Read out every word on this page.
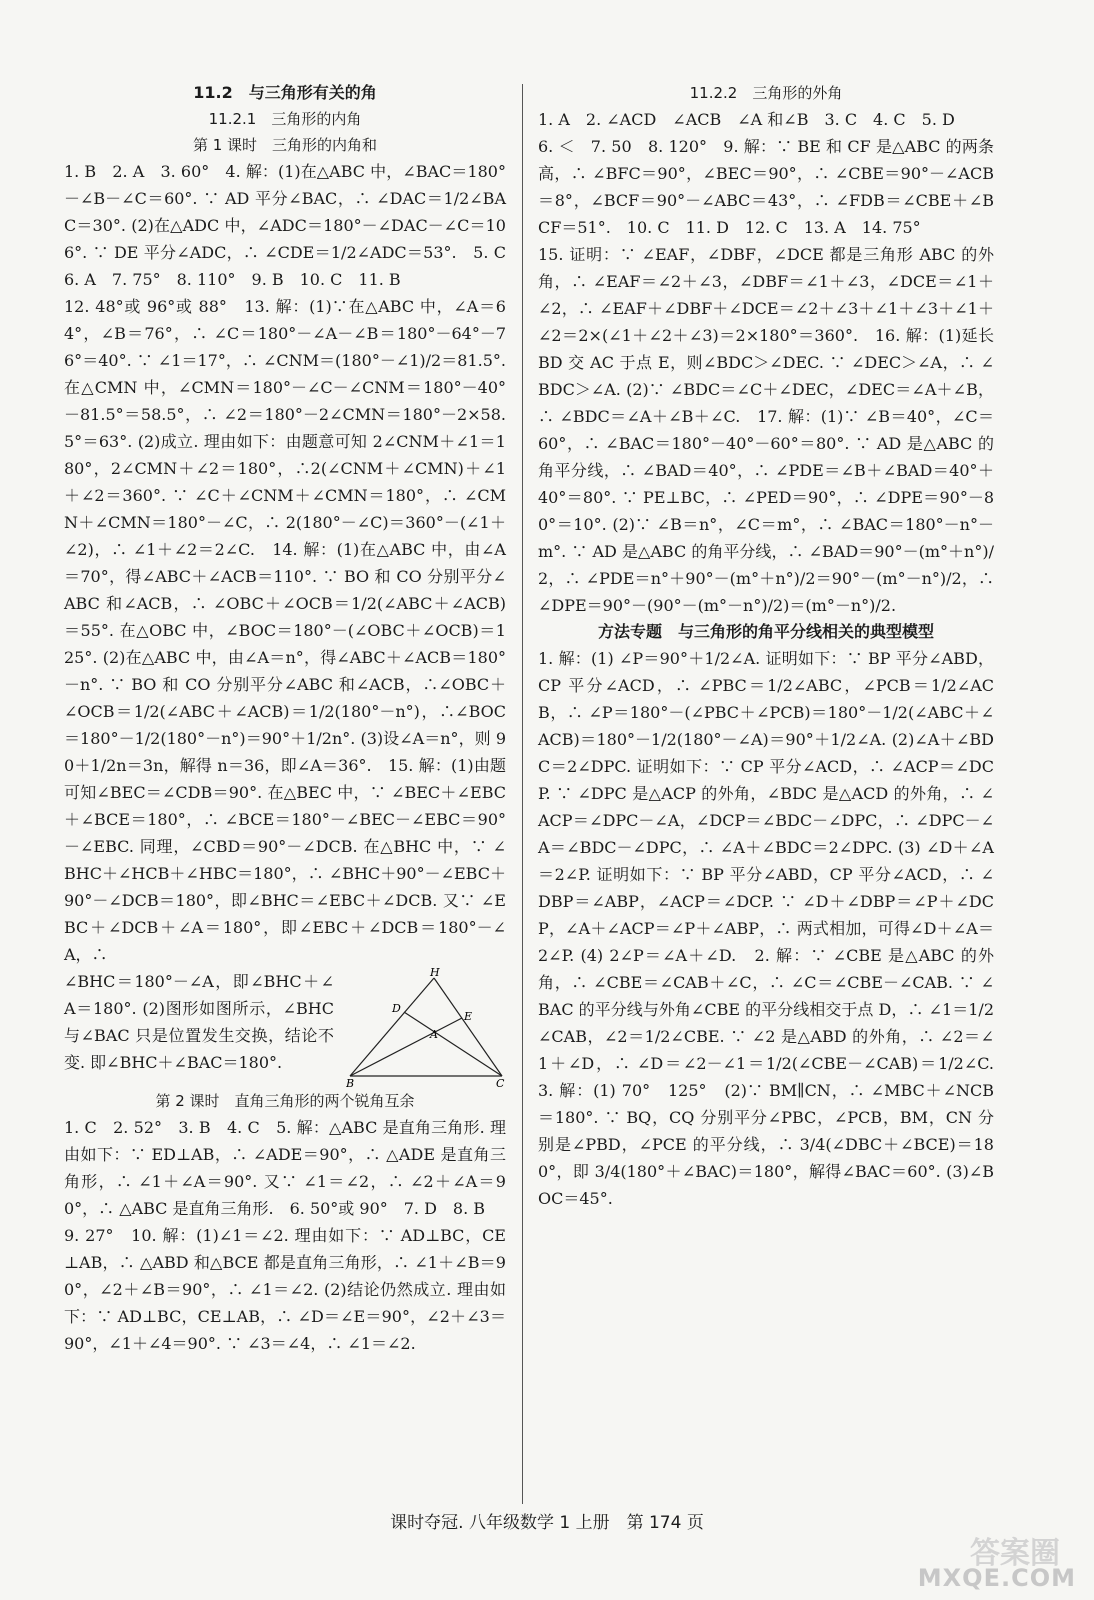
11.2　与三角形有关的角

11.2.1　三角形的内角

第 1 课时　三角形的内角和

1. B　2. A　3. 60°　4. 解：(1)在△ABC 中，∠BAC＝180°－∠B－∠C＝60°. ∵ AD 平分∠BAC，∴ ∠DAC＝1/2∠BAC＝30°. (2)在△ADC 中，∠ADC＝180°－∠DAC－∠C＝106°. ∵ DE 平分∠ADC，∴ ∠CDE＝1/2∠ADC＝53°.　5. C　6. A　7. 75°　8. 110°　9. B　10. C　11. B

12. 48°或 96°或 88°　13. 解：(1)∵在△ABC 中，∠A＝64°，∠B＝76°，∴ ∠C＝180°－∠A－∠B＝180°－64°－76°＝40°. ∵ ∠1＝17°，∴ ∠CNM＝(180°－∠1)/2＝81.5°. 在△CMN 中，∠CMN＝180°－∠C－∠CNM＝180°－40°－81.5°＝58.5°，∴ ∠2＝180°－2∠CMN＝180°－2×58.5°＝63°. (2)成立. 理由如下：由题意可知 2∠CNM＋∠1＝180°，2∠CMN＋∠2＝180°，∴2(∠CNM＋∠CMN)＋∠1＋∠2＝360°. ∵ ∠C＋∠CNM＋∠CMN＝180°，∴ ∠CMN＋∠CMN＝180°－∠C，∴ 2(180°－∠C)＝360°－(∠1＋∠2)，∴ ∠1＋∠2＝2∠C.　14. 解：(1)在△ABC 中，由∠A＝70°，得∠ABC＋∠ACB＝110°. ∵ BO 和 CO 分别平分∠ABC 和∠ACB，∴ ∠OBC＋∠OCB＝1/2(∠ABC＋∠ACB)＝55°. 在△OBC 中，∠BOC＝180°－(∠OBC＋∠OCB)＝125°. (2)在△ABC 中，由∠A＝n°，得∠ABC＋∠ACB＝180°－n°. ∵ BO 和 CO 分别平分∠ABC 和∠ACB，∴∠OBC＋∠OCB＝1/2(∠ABC＋∠ACB)＝1/2(180°－n°)，∴∠BOC＝180°－1/2(180°－n°)＝90°＋1/2n°. (3)设∠A＝n°，则 90＋1/2n＝3n，解得 n＝36，即∠A＝36°.　15. 解：(1)由题可知∠BEC＝∠CDB＝90°. 在△BEC 中，∵ ∠BEC＋∠EBC＋∠BCE＝180°，∴ ∠BCE＝180°－∠BEC－∠EBC＝90°－∠EBC. 同理，∠CBD＝90°－∠DCB. 在△BHC 中，∵ ∠BHC＋∠HCB＋∠HBC＝180°，∴ ∠BHC＋90°－∠EBC＋90°－∠DCB＝180°，即∠BHC＝∠EBC＋∠DCB. 又∵ ∠EBC＋∠DCB＋∠A＝180°，即∠EBC＋∠DCB＝180°－∠A，∴

∠BHC＝180°－∠A，即∠BHC＋∠A＝180°. (2)图形如图所示，∠BHC 与∠BAC 只是位置发生交换，结论不变. 即∠BHC＋∠BAC＝180°.

H
D
A
E
B	C

第 2 课时　直角三角形的两个锐角互余

1. C　2. 52°　3. B　4. C　5. 解：△ABC 是直角三角形. 理由如下：∵ ED⊥AB，∴ ∠ADE＝90°，∴ △ADE 是直角三角形，∴ ∠1＋∠A＝90°. 又∵ ∠1＝∠2，∴ ∠2＋∠A＝90°，∴ △ABC 是直角三角形.　6. 50°或 90°　7. D　8. B

9. 27°　10. 解：(1)∠1＝∠2. 理由如下：∵ AD⊥BC，CE⊥AB，∴ △ABD 和△BCE 都是直角三角形，∴ ∠1＋∠B＝90°，∠2＋∠B＝90°，∴ ∠1＝∠2. (2)结论仍然成立. 理由如下：∵ AD⊥BC，CE⊥AB，∴ ∠D＝∠E＝90°，∠2＋∠3＝90°，∠1＋∠4＝90°. ∵ ∠3＝∠4，∴ ∠1＝∠2.

11.2.2　三角形的外角

1. A　2. ∠ACD　∠ACB　∠A 和∠B　3. C　4. C　5. D

6. ＜　7. 50　8. 120°　9. 解：∵ BE 和 CF 是△ABC 的两条高，∴ ∠BFC＝90°，∠BEC＝90°，∴ ∠CBE＝90°－∠ACB＝8°，∠BCF＝90°－∠ABC＝43°，∴ ∠FDB＝∠CBE＋∠BCF＝51°.　10. C　11. D　12. C　13. A　14. 75°

15. 证明：∵ ∠EAF，∠DBF，∠DCE 都是三角形 ABC 的外角，∴ ∠EAF＝∠2＋∠3，∠DBF＝∠1＋∠3，∠DCE＝∠1＋∠2，∴ ∠EAF＋∠DBF＋∠DCE＝∠2＋∠3＋∠1＋∠3＋∠1＋∠2＝2×(∠1＋∠2＋∠3)＝2×180°＝360°.　16. 解：(1)延长 BD 交 AC 于点 E，则∠BDC＞∠DEC. ∵ ∠DEC＞∠A，∴ ∠BDC＞∠A. (2)∵ ∠BDC＝∠C＋∠DEC，∠DEC＝∠A＋∠B，∴ ∠BDC＝∠A＋∠B＋∠C.　17. 解：(1)∵ ∠B＝40°，∠C＝60°，∴ ∠BAC＝180°－40°－60°＝80°. ∵ AD 是△ABC 的角平分线，∴ ∠BAD＝40°，∴ ∠PDE＝∠B＋∠BAD＝40°＋40°＝80°. ∵ PE⊥BC，∴ ∠PED＝90°，∴ ∠DPE＝90°－80°＝10°. (2)∵ ∠B＝n°，∠C＝m°，∴ ∠BAC＝180°－n°－m°. ∵ AD 是△ABC 的角平分线，∴ ∠BAD＝90°－(m°＋n°)/2，∴ ∠PDE＝n°＋90°－(m°＋n°)/2＝90°－(m°－n°)/2，∴ ∠DPE＝90°－(90°－(m°－n°)/2)＝(m°－n°)/2.

方法专题　与三角形的角平分线相关的典型模型

1. 解：(1) ∠P＝90°＋1/2∠A. 证明如下：∵ BP 平分∠ABD，CP 平分∠ACD，∴ ∠PBC＝1/2∠ABC，∠PCB＝1/2∠ACB，∴ ∠P＝180°－(∠PBC＋∠PCB)＝180°－1/2(∠ABC＋∠ACB)＝180°－1/2(180°－∠A)＝90°＋1/2∠A. (2)∠A＋∠BDC＝2∠DPC. 证明如下：∵ CP 平分∠ACD，∴ ∠ACP＝∠DCP. ∵ ∠DPC 是△ACP 的外角，∠BDC 是△ACD 的外角，∴ ∠ACP＝∠DPC－∠A，∠DCP＝∠BDC－∠DPC，∴ ∠DPC－∠A＝∠BDC－∠DPC，∴ ∠A＋∠BDC＝2∠DPC. (3) ∠D＋∠A＝2∠P. 证明如下：∵ BP 平分∠ABD，CP 平分∠ACD，∴ ∠DBP＝∠ABP，∠ACP＝∠DCP. ∵ ∠D＋∠DBP＝∠P＋∠DCP，∠A＋∠ACP＝∠P＋∠ABP，∴ 两式相加，可得∠D＋∠A＝2∠P. (4) 2∠P＝∠A＋∠D.　2. 解：∵ ∠CBE 是△ABC 的外角，∴ ∠CBE＝∠CAB＋∠C，∴ ∠C＝∠CBE－∠CAB. ∵ ∠BAC 的平分线与外角∠CBE 的平分线相交于点 D，∴ ∠1＝1/2∠CAB，∠2＝1/2∠CBE. ∵ ∠2 是△ABD 的外角，∴ ∠2＝∠1＋∠D，∴ ∠D＝∠2－∠1＝1/2(∠CBE－∠CAB)＝1/2∠C.　3. 解：(1) 70°　125°　(2)∵ BM∥CN，∴ ∠MBC＋∠NCB＝180°. ∵ BQ，CQ 分别平分∠PBC，∠PCB，BM，CN 分别是∠PBD，∠PCE 的平分线，∴ 3/4(∠DBC＋∠BCE)＝180°，即 3/4(180°＋∠BAC)＝180°，解得∠BAC＝60°. (3)∠BOC＝45°.

课时夺冠. 八年级数学 1 上册　第 174 页
答案圈
MXQE.COM
